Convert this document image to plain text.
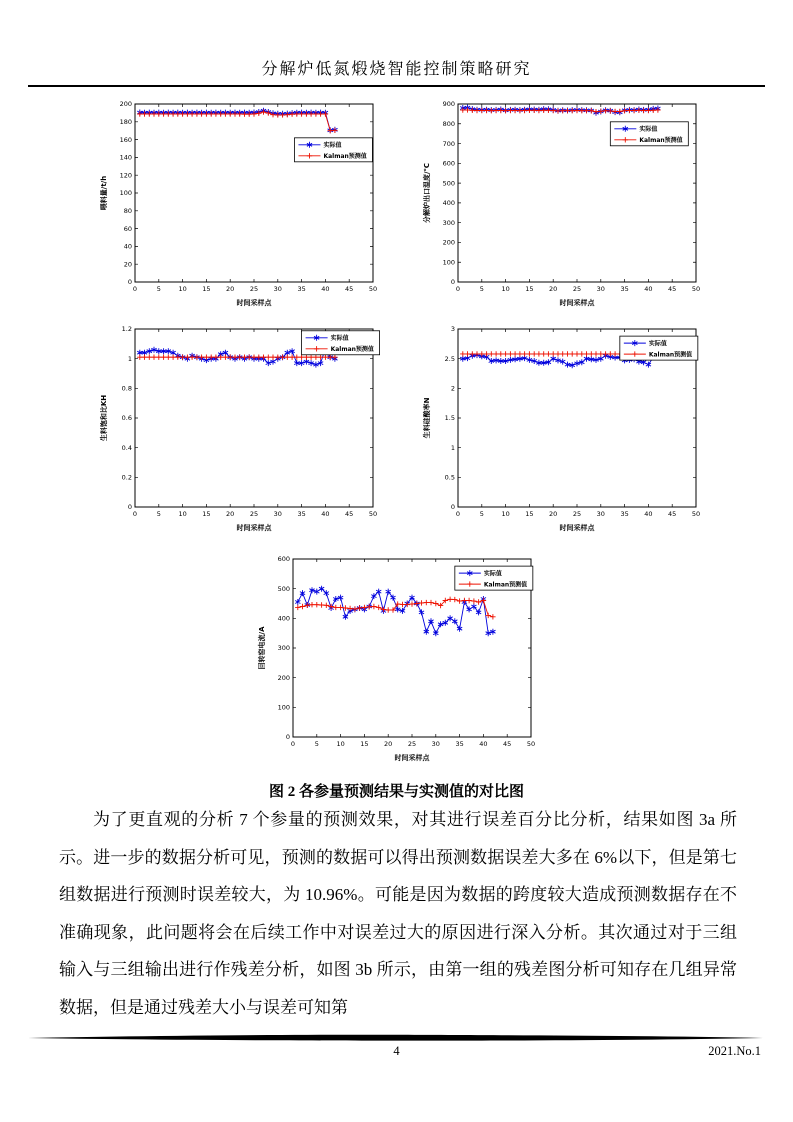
分解炉低氮煅烧智能控制策略研究
0	5	10 15 20 25 30 35 40 45 50
0
20
40
60
80
100
120
140
160
180
200
喂料量/t/h
时间采样点
实际值
Kalman预测值
0	5	10 15 20 25 30 35 40 45 50
0
100
200
300
400
500
600
700
800
900
分解炉出口温度/℃
时间采样点
实际值
Kalman预测值
0	5	10 15 20 25 30 35 40 45 50
0
0.2
0.4
0.6
0.8
1
1.2
生料饱和比KH
时间采样点
实际值
Kalman预测值
0	5	10 15 20 25 30 35 40 45 50
0
0.5
1
1.5
2
2.5
3
生料硅酸率N
时间采样点
实际值
Kalman预测值
0	5	10 15 20 25 30 35 40 45 50
0
100
200
300
400
500
600
回转窑电流/A
时间采样点
实际值
Kalman预测值
图 2 各参量预测结果与实测值的对比图

为了更直观的分析 7 个参量的预测效果，对其进行误差百分比分析，结果如图 3a 所示。进一步的数据分析可见，预测的数据可以得出预测数据误差大多在 6%以下，但是第七组数据进行预测时误差较大，为 10.96%。可能是因为数据的跨度较大造成预测数据存在不准确现象，此问题将会在后续工作中对误差过大的原因进行深入分析。其次通过对于三组输入与三组输出进行作残差分析，如图 3b 所示，由第一组的残差图分析可知存在几组异常数据，但是通过残差大小与误差可知第

4	2021.No.1
